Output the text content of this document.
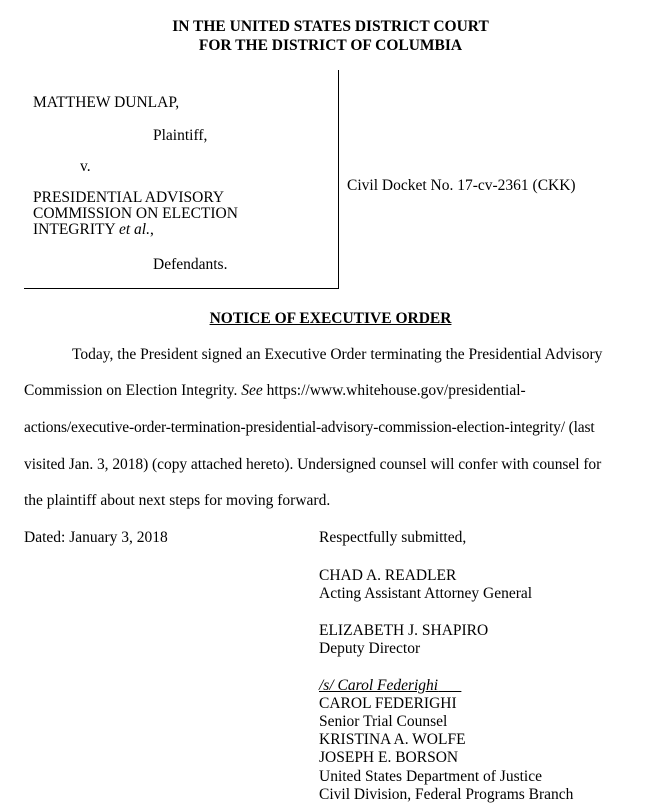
IN THE UNITED STATES DISTRICT COURT
FOR THE DISTRICT OF COLUMBIA
MATTHEW DUNLAP,
Plaintiff,
v.
PRESIDENTIAL ADVISORY
COMMISSION ON ELECTION
INTEGRITY et al.,
Defendants.
Civil Docket No. 17-cv-2361 (CKK)
NOTICE OF EXECUTIVE ORDER
Today, the President signed an Executive Order terminating the Presidential Advisory
Commission on Election Integrity. See https://www.whitehouse.gov/presidential-
actions/executive-order-termination-presidential-advisory-commission-election-integrity/ (last
visited Jan. 3, 2018) (copy attached hereto). Undersigned counsel will confer with counsel for
the plaintiff about next steps for moving forward.
Dated: January 3, 2018	Respectfully submitted,
CHAD A. READLER
Acting Assistant Attorney General
ELIZABETH J. SHAPIRO
Deputy Director
/s/ Carol Federighi
CAROL FEDERIGHI
Senior Trial Counsel
KRISTINA A. WOLFE
JOSEPH E. BORSON
United States Department of Justice
Civil Division, Federal Programs Branch
